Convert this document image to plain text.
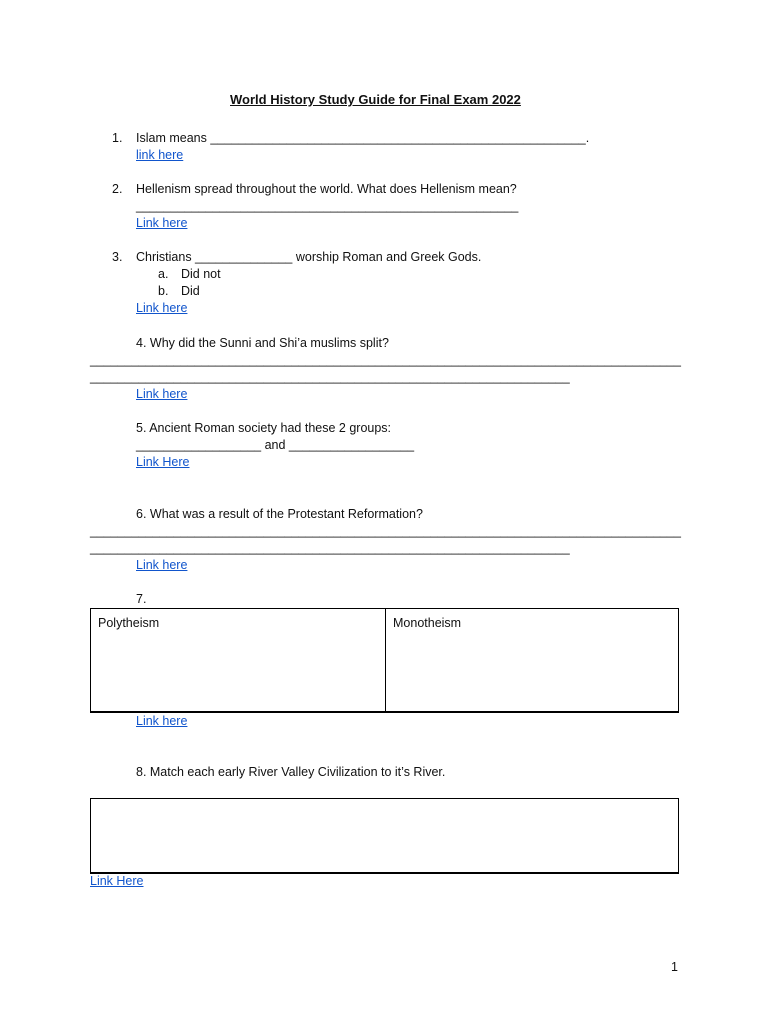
World History Study Guide for Final Exam 2022
1. Islam means ______________________________________________________.
link here
2. Hellenism spread throughout the world. What does Hellenism mean?
_______________________________________________________
Link here
3. Christians ______________ worship Roman and Greek Gods.
a. Did not
b. Did
Link here
4. Why did the Sunni and Shi’a muslims split?
_____________________________________________________________________________________
_____________________________________________________________________
Link here
5. Ancient Roman society had these 2 groups:
__________________ and __________________
Link Here
6. What was a result of the Protestant Reformation?
_____________________________________________________________________________________
_____________________________________________________________________
Link here
7.
Polytheism	Monotheism
Link here
8. Match each early River Valley Civilization to it’s River.
Link Here
1
